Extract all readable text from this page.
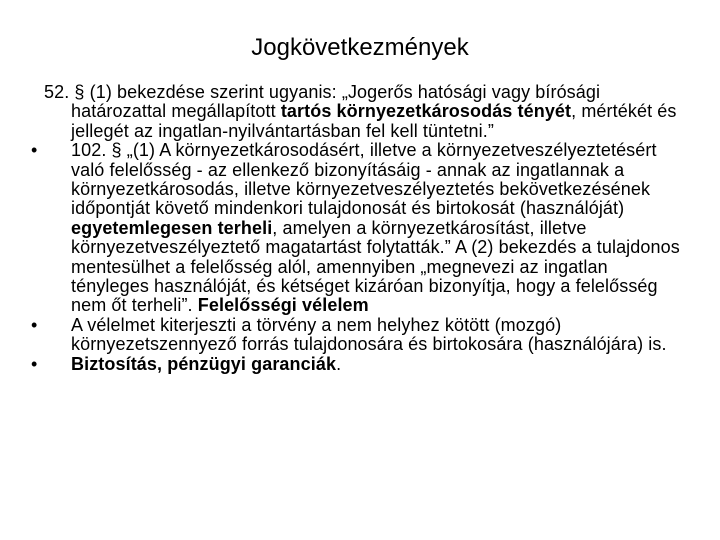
Jogkövetkezmények

52. § (1) bekezdése szerint ugyanis: „Jogerős hatósági vagy bírósági határozattal megállapított tartós környezetkárosodás tényét, mértékét és jellegét az ingatlan-nyilvántartásban fel kell tüntetni.”

• 102. § „(1) A környezetkárosodásért, illetve a környezetveszélyeztetésért való felelősség - az ellenkező bizonyításáig - annak az ingatlannak a környezetkárosodás, illetve környezetveszélyeztetés bekövetkezésének időpontját követő mindenkori tulajdonosát és birtokosát (használóját) egyetemlegesen terheli, amelyen a környezetkárosítást, illetve környezetveszélyeztető magatartást folytatták.” A (2) bekezdés a tulajdonos mentesülhet a felelősség alól, amennyiben „megnevezi az ingatlan tényleges használóját, és kétséget kizáróan bizonyítja, hogy a felelősség nem őt terheli”. Felelősségi vélelem

• A vélelmet kiterjeszti a törvény a nem helyhez kötött (mozgó) környezetszennyező forrás tulajdonosára és birtokosára (használójára) is.

• Biztosítás, pénzügyi garanciák.
